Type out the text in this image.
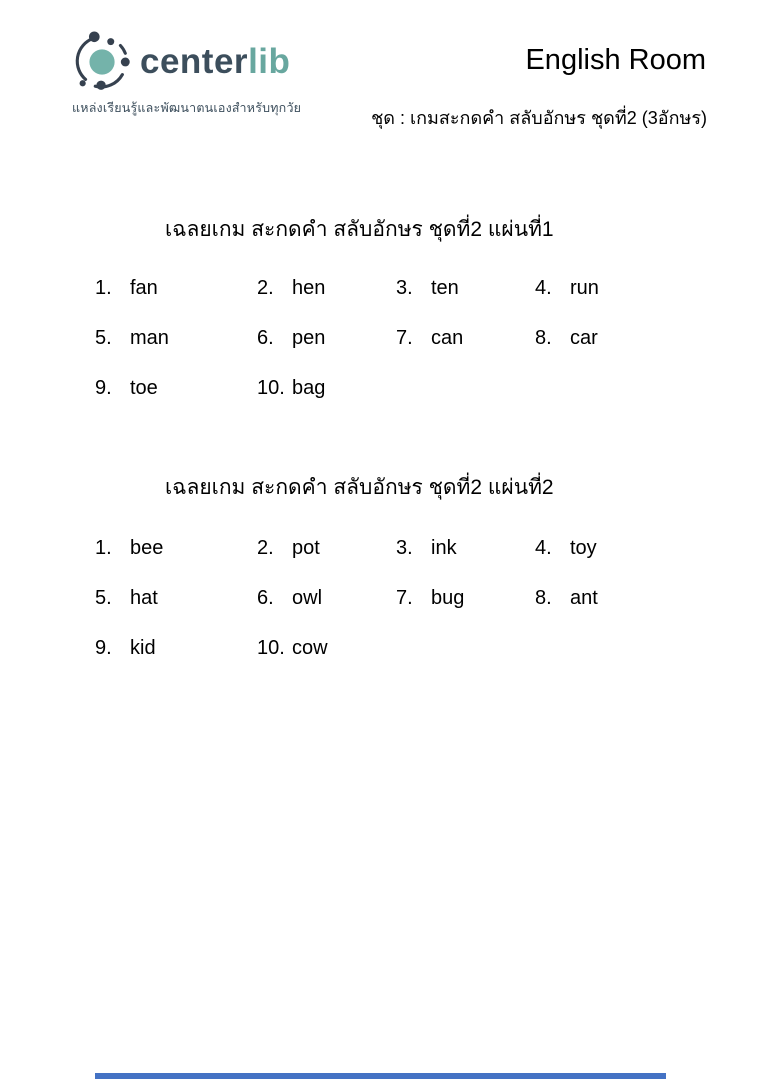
centerlib
แหล่งเรียนรู้และพัฒนาตนเองสำหรับทุกวัย
English Room
ชุด : เกมสะกดคำ สลับอักษร ชุดที่2 (3อักษร)
เฉลยเกม สะกดคำ สลับอักษร ชุดที่2 แผ่นที่1
1. fan	2. hen	3. ten	4. run
5. man	6. pen	7. can	8. car
9. toe	10. bag
เฉลยเกม สะกดคำ สลับอักษร ชุดที่2 แผ่นที่2
1. bee	2. pot	3. ink	4. toy
5. hat	6. owl	7. bug	8. ant
9. kid	10. cow
